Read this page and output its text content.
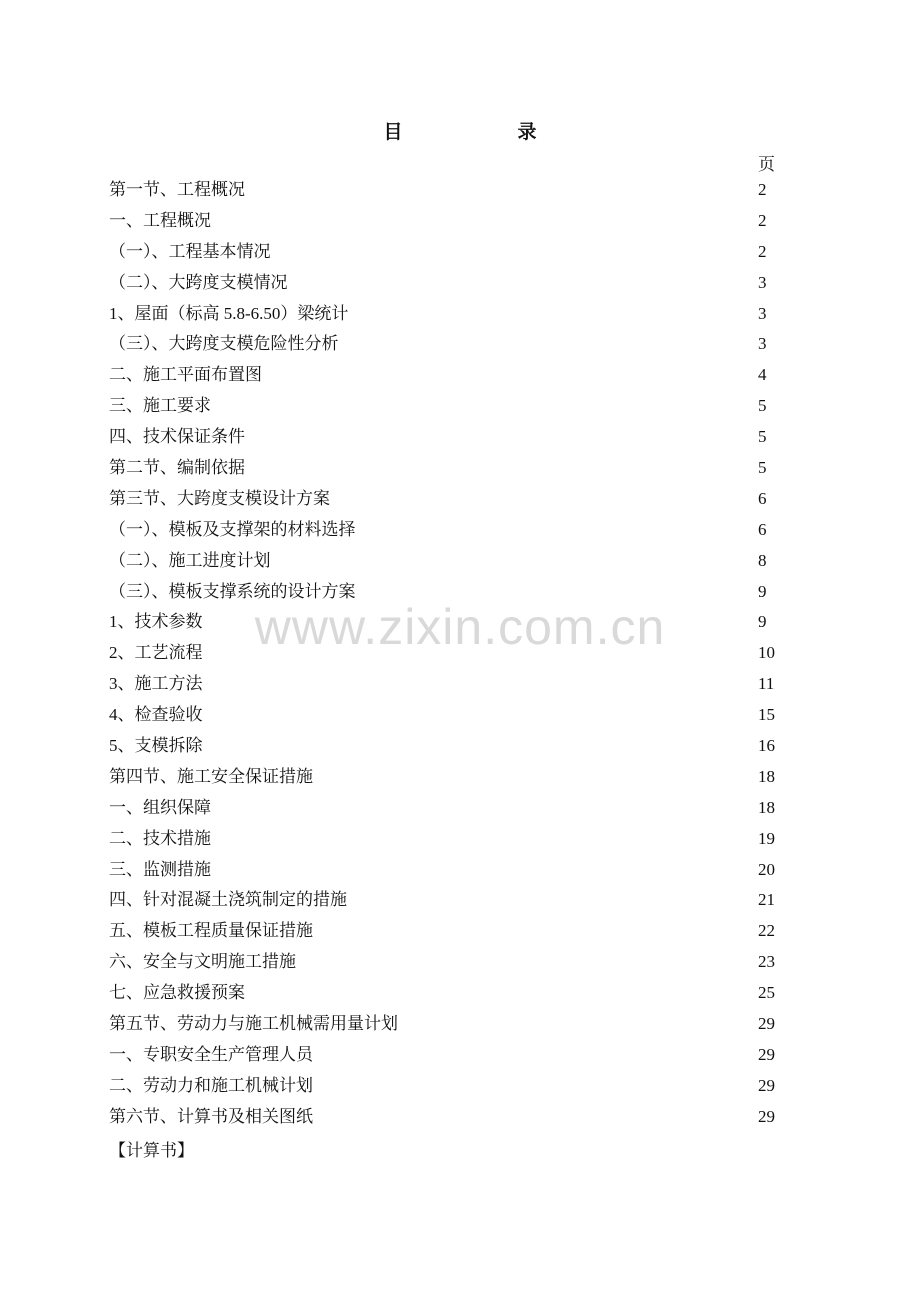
www.zixin.com.cn
目　录
页
第一节、工程概况	2
一、工程概况	2
（一）、工程基本情况	2
（二）、大跨度支模情况	3
1、屋面（标高 5.8-6.50）梁统计	3
（三）、大跨度支模危险性分析	3
二、施工平面布置图	4
三、施工要求	5
四、技术保证条件	5
第二节、编制依据	5
第三节、大跨度支模设计方案	6
（一）、模板及支撑架的材料选择	6
（二）、施工进度计划	8
（三）、模板支撑系统的设计方案	9
1、技术参数	9
2、工艺流程	10
3、施工方法	11
4、检查验收	15
5、支模拆除	16
第四节、施工安全保证措施	18
一、组织保障	18
二、技术措施	19
三、监测措施	20
四、针对混凝土浇筑制定的措施	21
五、模板工程质量保证措施	22
六、安全与文明施工措施	23
七、应急救援预案	25
第五节、劳动力与施工机械需用量计划	29
一、专职安全生产管理人员	29
二、劳动力和施工机械计划	29
第六节、计算书及相关图纸	29
【计算书】
